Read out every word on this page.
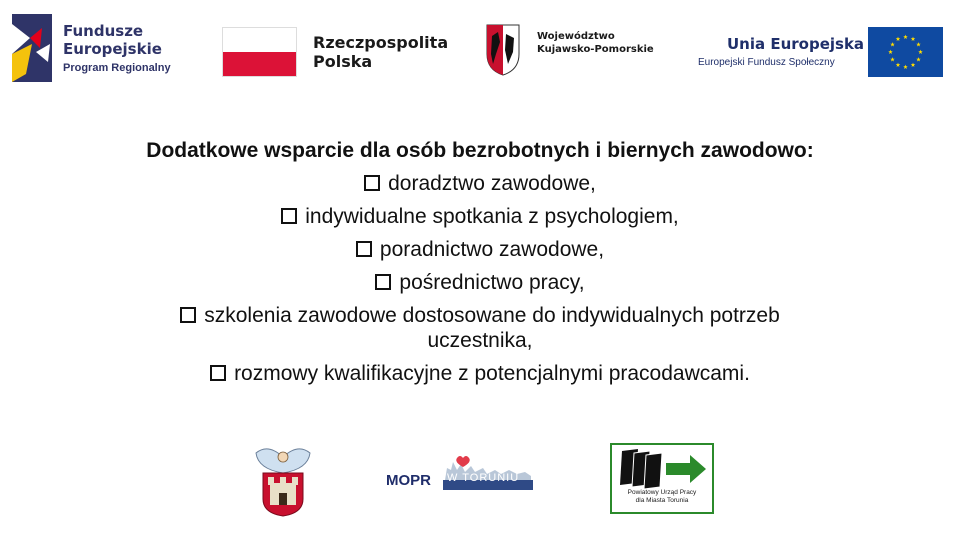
Fundusze
Europejskie
Program Regionalny
Rzeczpospolita
Polska
Województwo
Kujawsko-Pomorskie	Unia Europejska
Europejski Fundusz Społeczny
Dodatkowe wsparcie dla osób bezrobotnych i biernych zawodowo:
doradztwo zawodowe,
indywidualne spotkania z psychologiem,
poradnictwo zawodowe,
pośrednictwo pracy,
szkolenia zawodowe dostosowane do indywidualnych potrzeb
uczestnika,
rozmowy kwalifikacyjne z potencjalnymi pracodawcami.
MOPR W TORUNIU
Powiatowy Urząd Pracy
dla Miasta Torunia
